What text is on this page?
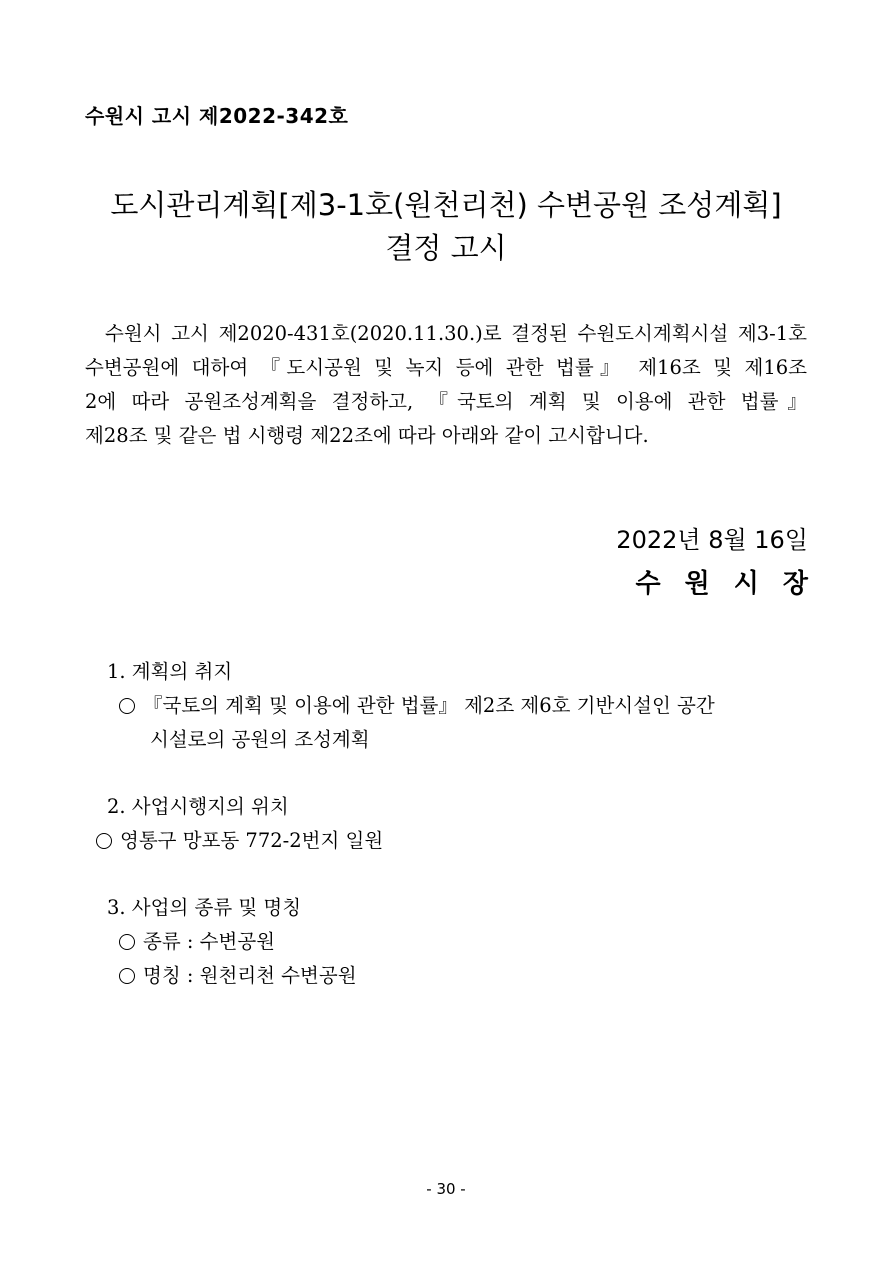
수원시 고시 제2022-342호
도시관리계획[제3-1호(원천리천) 수변공원 조성계획]
결정 고시
수원시 고시 제2020-431호(2020.11.30.)로 결정된 수원도시계획시설 제3-1호
수변공원에 대하여 『도시공원 및 녹지 등에 관한 법률』 제16조 및 제16조
2에 따라 공원조성계획을 결정하고, 『국토의 계획 및 이용에 관한 법률』
제28조 및 같은 법 시행령 제22조에 따라 아래와 같이 고시합니다.
2022년 8월 16일
수원시장
1. 계획의 취지
『국토의 계획 및 이용에 관한 법률』 제2조 제6호 기반시설인 공간
시설로의 공원의 조성계획
2. 사업시행지의 위치
영통구 망포동 772-2번지 일원
3. 사업의 종류 및 명칭
종류 : 수변공원
명칭 : 원천리천 수변공원
- 30 -
